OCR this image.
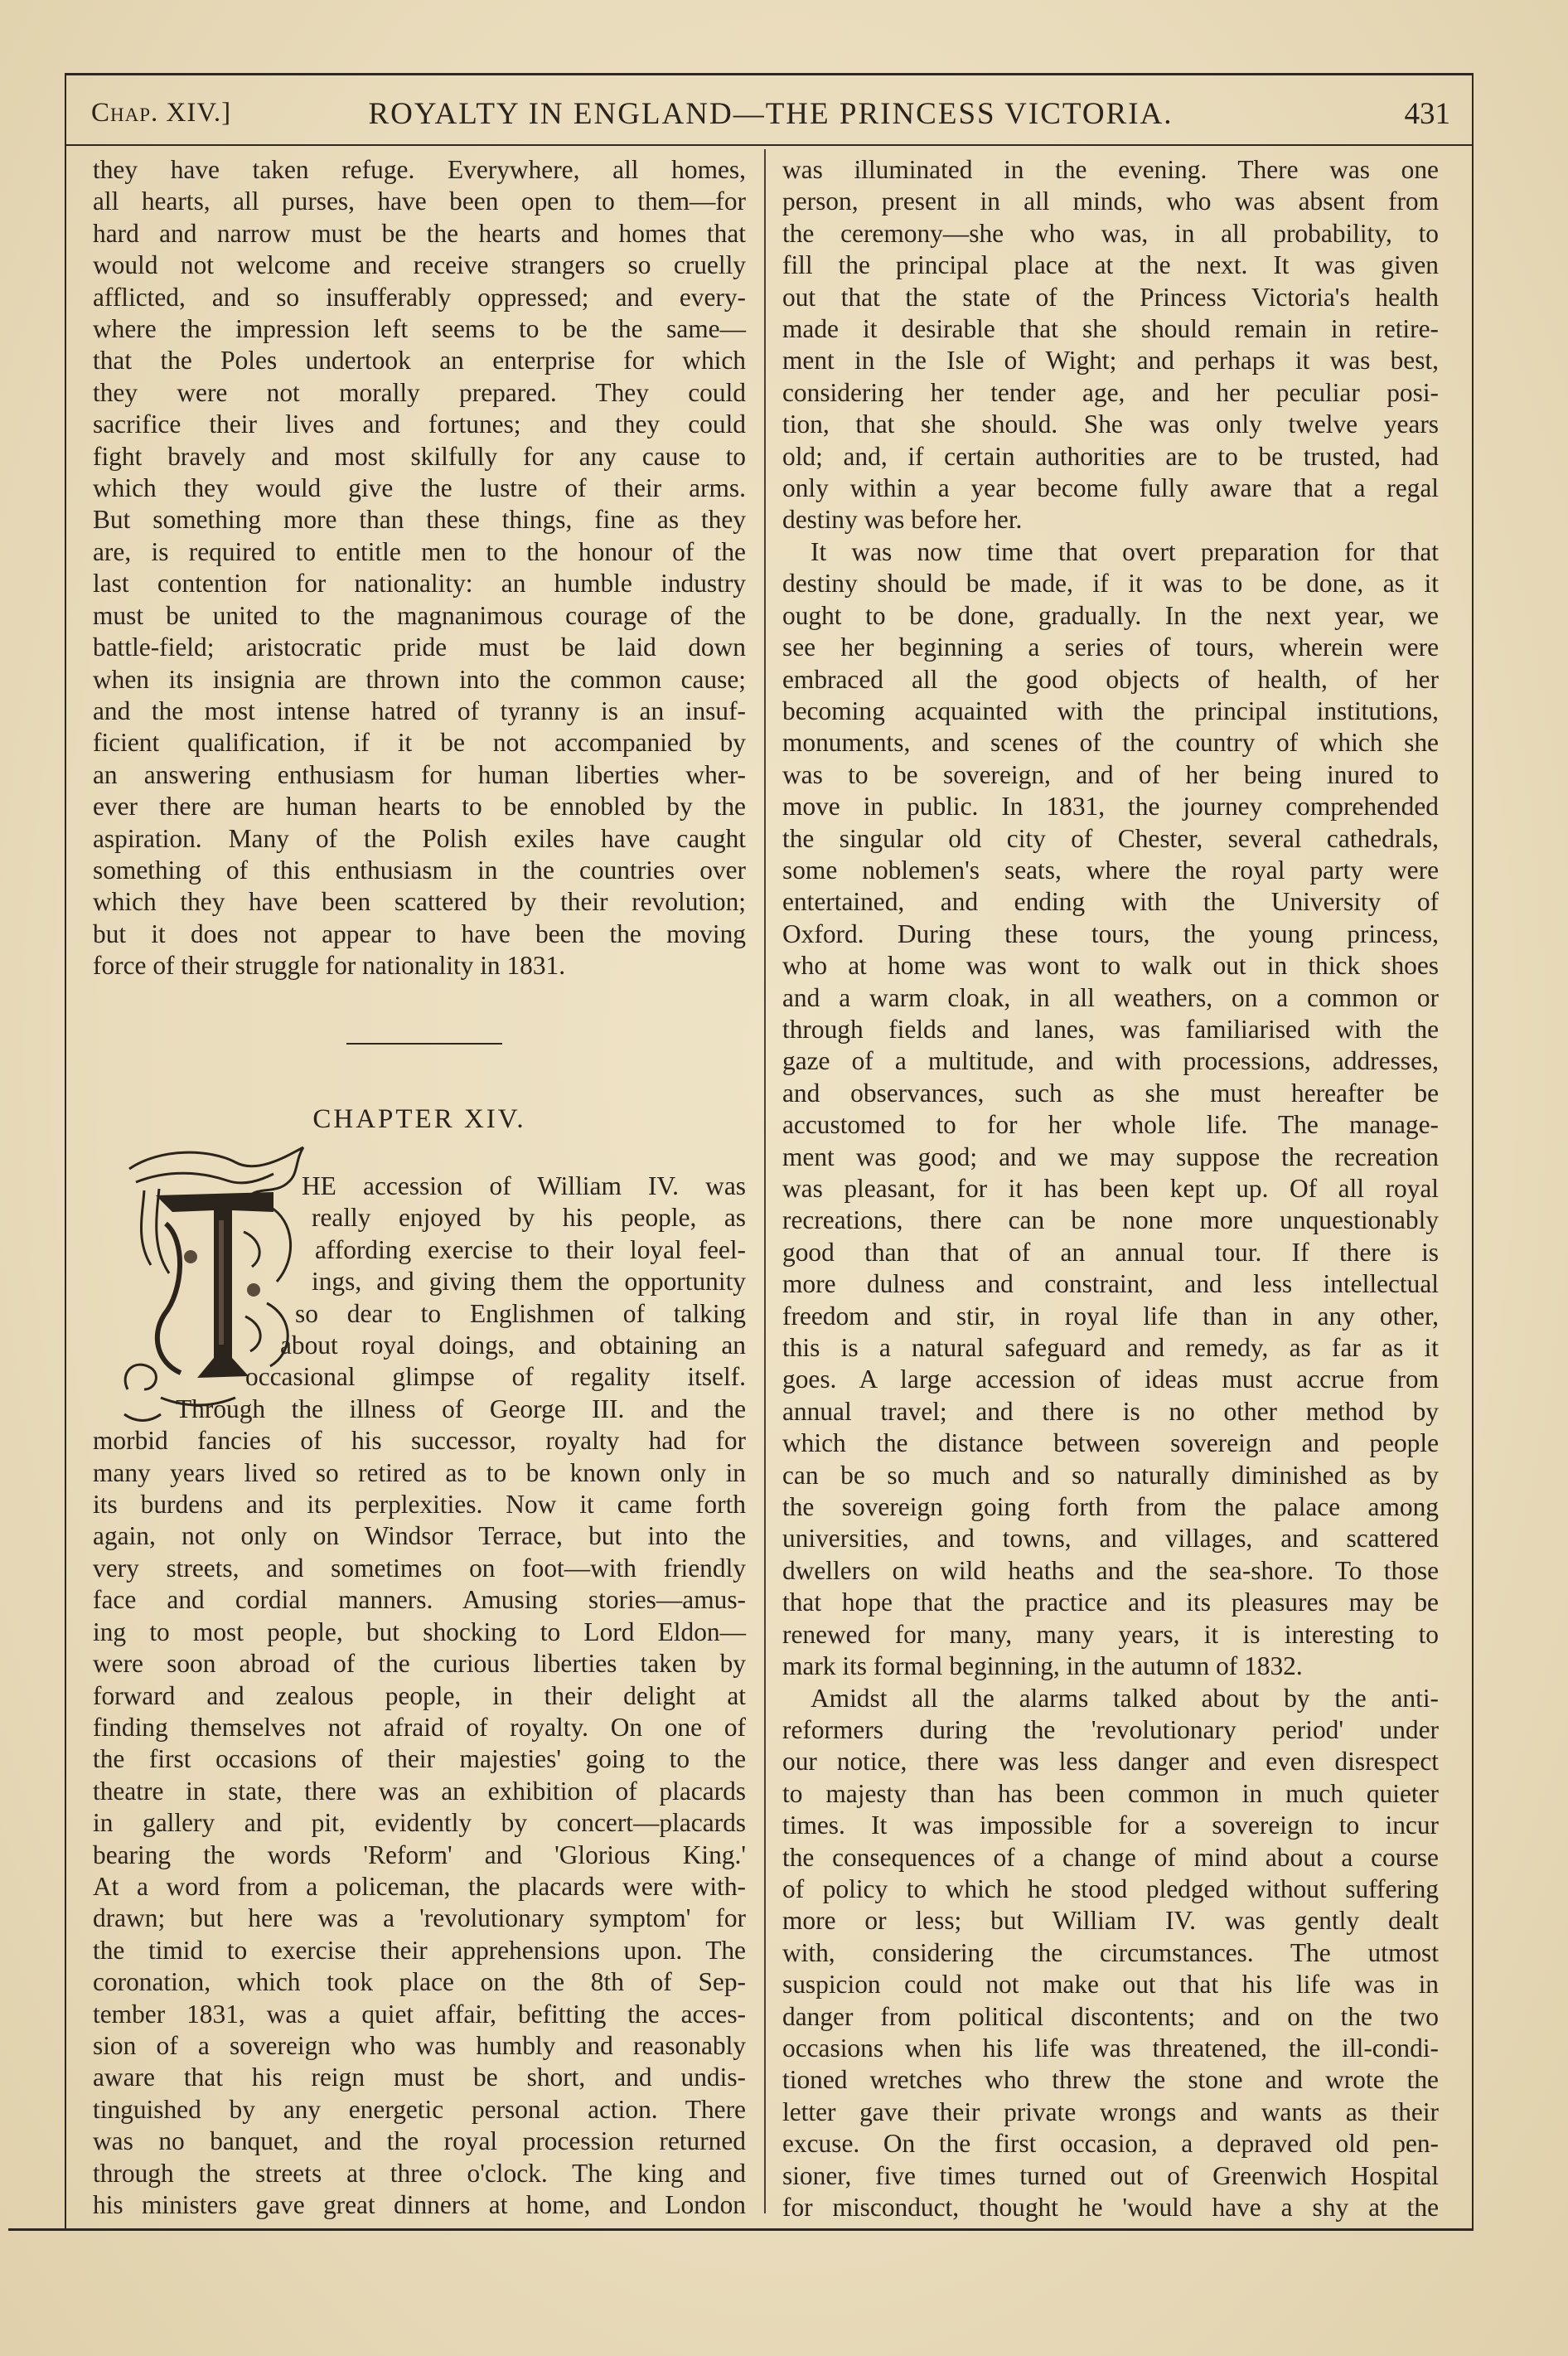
Chap. XIV.]	ROYALTY IN ENGLAND—THE PRINCESS VICTORIA.	431
they have taken refuge. Everywhere, all homes,
all hearts, all purses, have been open to them—for
hard and narrow must be the hearts and homes that
would not welcome and receive strangers so cruelly
afflicted, and so insufferably oppressed; and every-
where the impression left seems to be the same—
that the Poles undertook an enterprise for which
they were not morally prepared. They could
sacrifice their lives and fortunes; and they could
fight bravely and most skilfully for any cause to
which they would give the lustre of their arms.
But something more than these things, fine as they
are, is required to entitle men to the honour of the
last contention for nationality: an humble industry
must be united to the magnanimous courage of the
battle-field; aristocratic pride must be laid down
when its insignia are thrown into the common cause;
and the most intense hatred of tyranny is an insuf-
ficient qualification, if it be not accompanied by
an answering enthusiasm for human liberties wher-
ever there are human hearts to be ennobled by the
aspiration. Many of the Polish exiles have caught
something of this enthusiasm in the countries over
which they have been scattered by their revolution;
but it does not appear to have been the moving
force of their struggle for nationality in 1831.
CHAPTER XIV.
HE accession of William IV. was
really enjoyed by his people, as
affording exercise to their loyal feel-
ings, and giving them the opportunity
so dear to Englishmen of talking
about royal doings, and obtaining an
occasional glimpse of regality itself.
Through the illness of George III. and the
morbid fancies of his successor, royalty had for
many years lived so retired as to be known only in
its burdens and its perplexities. Now it came forth
again, not only on Windsor Terrace, but into the
very streets, and sometimes on foot—with friendly
face and cordial manners. Amusing stories—amus-
ing to most people, but shocking to Lord Eldon—
were soon abroad of the curious liberties taken by
forward and zealous people, in their delight at
finding themselves not afraid of royalty. On one of
the first occasions of their majesties' going to the
theatre in state, there was an exhibition of placards
in gallery and pit, evidently by concert—placards
bearing the words 'Reform' and 'Glorious King.'
At a word from a policeman, the placards were with-
drawn; but here was a 'revolutionary symptom' for
the timid to exercise their apprehensions upon. The
coronation, which took place on the 8th of Sep-
tember 1831, was a quiet affair, befitting the acces-
sion of a sovereign who was humbly and reasonably
aware that his reign must be short, and undis-
tinguished by any energetic personal action. There
was no banquet, and the royal procession returned
through the streets at three o'clock. The king and
his ministers gave great dinners at home, and London
was illuminated in the evening. There was one
person, present in all minds, who was absent from
the ceremony—she who was, in all probability, to
fill the principal place at the next. It was given
out that the state of the Princess Victoria's health
made it desirable that she should remain in retire-
ment in the Isle of Wight; and perhaps it was best,
considering her tender age, and her peculiar posi-
tion, that she should. She was only twelve years
old; and, if certain authorities are to be trusted, had
only within a year become fully aware that a regal
destiny was before her.
It was now time that overt preparation for that
destiny should be made, if it was to be done, as it
ought to be done, gradually. In the next year, we
see her beginning a series of tours, wherein were
embraced all the good objects of health, of her
becoming acquainted with the principal institutions,
monuments, and scenes of the country of which she
was to be sovereign, and of her being inured to
move in public. In 1831, the journey comprehended
the singular old city of Chester, several cathedrals,
some noblemen's seats, where the royal party were
entertained, and ending with the University of
Oxford. During these tours, the young princess,
who at home was wont to walk out in thick shoes
and a warm cloak, in all weathers, on a common or
through fields and lanes, was familiarised with the
gaze of a multitude, and with processions, addresses,
and observances, such as she must hereafter be
accustomed to for her whole life. The manage-
ment was good; and we may suppose the recreation
was pleasant, for it has been kept up. Of all royal
recreations, there can be none more unquestionably
good than that of an annual tour. If there is
more dulness and constraint, and less intellectual
freedom and stir, in royal life than in any other,
this is a natural safeguard and remedy, as far as it
goes. A large accession of ideas must accrue from
annual travel; and there is no other method by
which the distance between sovereign and people
can be so much and so naturally diminished as by
the sovereign going forth from the palace among
universities, and towns, and villages, and scattered
dwellers on wild heaths and the sea-shore. To those
that hope that the practice and its pleasures may be
renewed for many, many years, it is interesting to
mark its formal beginning, in the autumn of 1832.
Amidst all the alarms talked about by the anti-
reformers during the 'revolutionary period' under
our notice, there was less danger and even disrespect
to majesty than has been common in much quieter
times. It was impossible for a sovereign to incur
the consequences of a change of mind about a course
of policy to which he stood pledged without suffering
more or less; but William IV. was gently dealt
with, considering the circumstances. The utmost
suspicion could not make out that his life was in
danger from political discontents; and on the two
occasions when his life was threatened, the ill-condi-
tioned wretches who threw the stone and wrote the
letter gave their private wrongs and wants as their
excuse. On the first occasion, a depraved old pen-
sioner, five times turned out of Greenwich Hospital
for misconduct, thought he 'would have a shy at the
